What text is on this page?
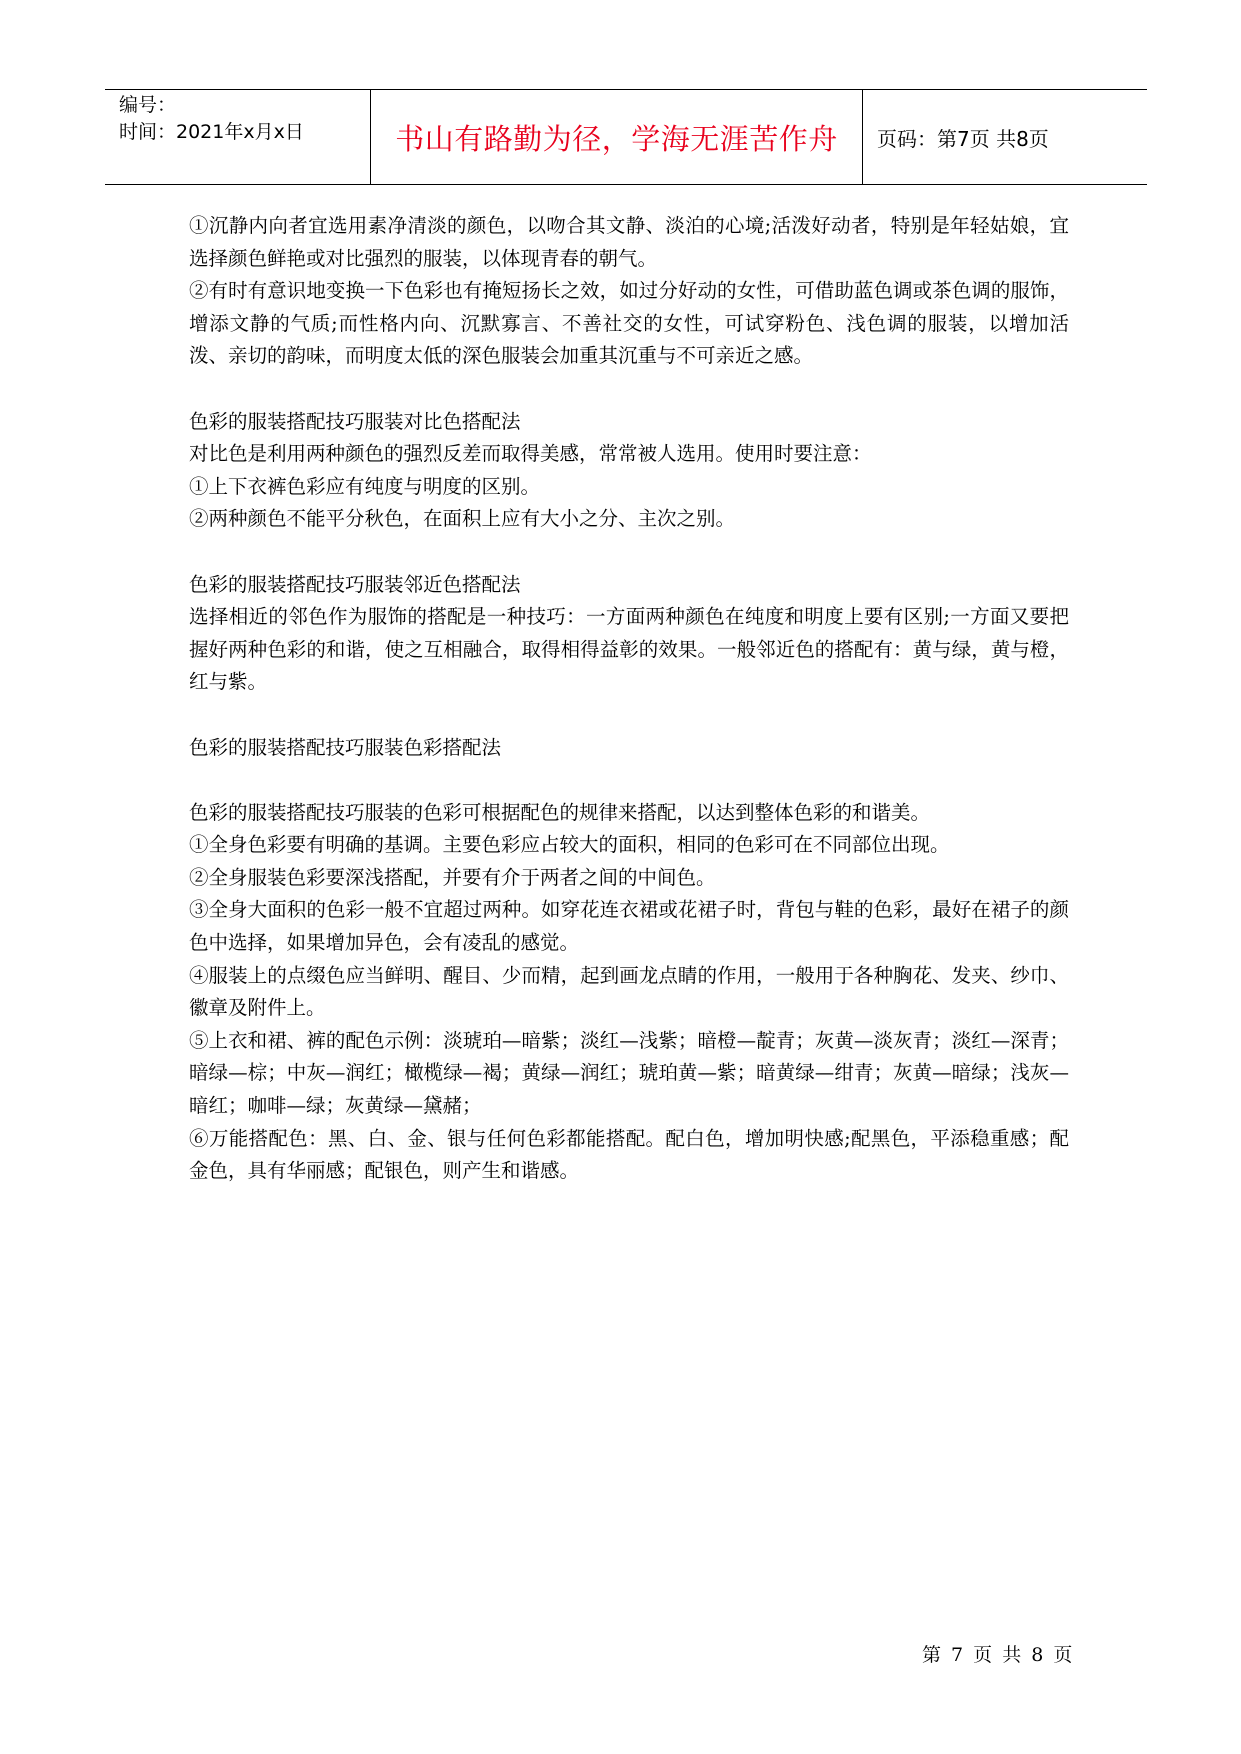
编号：
时间：2021年x月x日	书山有路勤为径，学海无涯苦作舟	页码：第7页 共8页

①沉静内向者宜选用素净清淡的颜色，以吻合其文静、淡泊的心境;活泼好动者，特别是年轻姑娘，宜选择颜色鲜艳或对比强烈的服装，以体现青春的朝气。

②有时有意识地变换一下色彩也有掩短扬长之效，如过分好动的女性，可借助蓝色调或茶色调的服饰，增添文静的气质;而性格内向、沉默寡言、不善社交的女性，可试穿粉色、浅色调的服装，以增加活泼、亲切的韵味，而明度太低的深色服装会加重其沉重与不可亲近之感。

色彩的服装搭配技巧服装对比色搭配法

对比色是利用两种颜色的强烈反差而取得美感，常常被人选用。使用时要注意：

①上下衣裤色彩应有纯度与明度的区别。

②两种颜色不能平分秋色，在面积上应有大小之分、主次之别。

色彩的服装搭配技巧服装邻近色搭配法

选择相近的邻色作为服饰的搭配是一种技巧：一方面两种颜色在纯度和明度上要有区别;一方面又要把握好两种色彩的和谐，使之互相融合，取得相得益彰的效果。一般邻近色的搭配有：黄与绿，黄与橙，红与紫。

色彩的服装搭配技巧服装色彩搭配法

色彩的服装搭配技巧服装的色彩可根据配色的规律来搭配，以达到整体色彩的和谐美。

①全身色彩要有明确的基调。主要色彩应占较大的面积，相同的色彩可在不同部位出现。

②全身服装色彩要深浅搭配，并要有介于两者之间的中间色。

③全身大面积的色彩一般不宜超过两种。如穿花连衣裙或花裙子时，背包与鞋的色彩，最好在裙子的颜色中选择，如果增加异色，会有凌乱的感觉。

④服装上的点缀色应当鲜明、醒目、少而精，起到画龙点睛的作用，一般用于各种胸花、发夹、纱巾、徽章及附件上。

⑤上衣和裙、裤的配色示例：淡琥珀—暗紫；淡红—浅紫；暗橙—靛青；灰黄—淡灰青；淡红—深青；暗绿—棕；中灰—润红；橄榄绿—褐；黄绿—润红；琥珀黄—紫；暗黄绿—绀青；灰黄—暗绿；浅灰—暗红；咖啡—绿；灰黄绿—黛赭；

⑥万能搭配色：黑、白、金、银与任何色彩都能搭配。配白色，增加明快感;配黑色，平添稳重感；配金色，具有华丽感；配银色，则产生和谐感。

第 7 页 共 8 页
